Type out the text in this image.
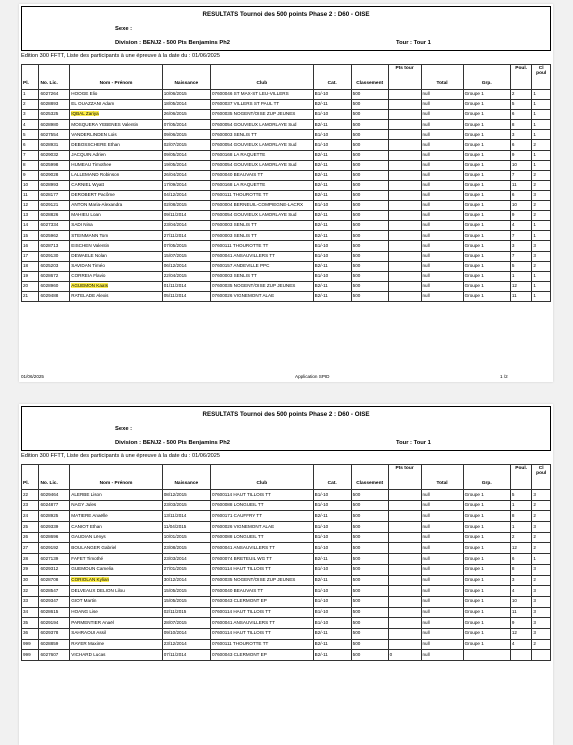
RESULTATS Tournoi des 500 points Phase 2 : D60 - OISE
Sexe :
Division : BENJ2 - 500 Pts Benjamins Ph2	Tour : Tour 1
Edition 300 FFTT, Liste des participants à une épreuve à la date du : 01/06/2025
Pl.	No. Lic.	Nom - Prénom	Naissance	Club	Cat.	Classement	Pts tour	Total	Grp.	Poul.	Cl poul
1	6027264	HOOGE Elio	10/06/2015	07600046 ST MAX-ST LEU-VILLERS	B1/-10	500		null	Groupe 1	2	1
2	6028893	EL OUAZZANI Adam	18/05/2014	07600037 VILLERS ST PAUL TT	B2/-11	500		null	Groupe 1	5	1
3	6025325	IQBAL Zariya	26/06/2015	07600035 NOGENT/OISE ZUP JEUNES	B1/-10	500		null	Groupe 1	6	1
4	6028980	MOSQUERA YEBENES Valentin	07/05/2014	07600054 GOUVIEUX LAMORLAYE Sud	B2/-11	500		null	Groupe 1	8	1
5	6027554	VANDERLINDEN Lois	09/06/2015	07600003 SENLIS TT	B1/-10	500		null	Groupe 1	3	1
6	6028931	DEBOSSCHERE Ethan	02/07/2015	07600054 GOUVIEUX LAMORLAYE Sud	B1/-10	500		null	Groupe 1	6	2
7	6029032	JACQUIN Adrien	09/05/2014	07600168 LA RAQUETTE	B2/-11	500		null	Groupe 1	9	1
8	6025998	HUMEAU Timothee	19/05/2014	07600054 GOUVIEUX LAMORLAYE Sud	B2/-11	500		null	Groupe 1	10	1
9	6029028	LALLEMAND Robinson	26/04/2014	07600040 BEAUVAIS TT	B2/-11	500		null	Groupe 1	7	2
10	6028993	CARNIEL Wyatt	17/09/2014	07600168 LA RAQUETTE	B2/-11	500		null	Groupe 1	11	2
11	6028177	DEROBERT Pacôme	04/12/2014	07600111 THOUROTTE TT	B2/-11	500		null	Groupe 1	6	3
12	6029121	ANTON Maria-Alexandra	02/08/2015	07600004 BERNEUIL-COMPIEGNE-LACRX	B1/-10	500		null	Groupe 1	10	2
13	6028826	MAHIEU Loan	09/11/2014	07600054 GOUVIEUX LAMORLAYE Sud	B2/-11	500		null	Groupe 1	9	2
14	6027334	SADI Nina	23/04/2014	07600003 SENLIS TT	B2/-11	500		null	Groupe 1	4	1
15	6025962	STEINMANN Tom	27/11/2014	07600003 SENLIS TT	B2/-11	500		null	Groupe 1	7	1
16	6028713	EISCHEN Valentin	07/05/2015	07600111 THOUROTTE TT	B1/-10	500		null	Groupe 1	3	3
17	6029130	DEWAELE Nolan	15/07/2015	07600041 ANSAUVILLERS TT	B1/-10	500		null	Groupe 1	7	3
18	6025203	SAVIDAN Timéo	06/12/2014	07600157 ANDEVILLE PPC	B2/-11	500		null	Groupe 1	5	2
19	6028672	CORREIA Flavio	22/04/2015	07600003 SENLIS TT	B1/-10	500		null	Groupe 1	1	1
20	6028960	AGUEMON Kaaïs	01/11/2014	07600035 NOGENT/OISE ZUP JEUNES	B2/-11	500		null	Groupe 1	12	1
21	6029488	RATELADE Alexis	05/11/2014	07600026 VIGNEMONT ALAE	B2/-11	500		null	Groupe 1	11	1
01/06/2025	Application SPID	1 /2
RESULTATS Tournoi des 500 points Phase 2 : D60 - OISE
Sexe :
Division : BENJ2 - 500 Pts Benjamins Ph2	Tour : Tour 1
Edition 300 FFTT, Liste des participants à une épreuve à la date du : 01/06/2025
Pl.	No. Lic.	Nom - Prénom	Naissance	Club	Cat.	Classement	Pts tour	Total	Grp.	Poul.	Cl poul
22	6029464	ALERBE Lison	08/12/2015	07600114 HAUT TILLOIS TT	B1/-10	500		null	Groupe 1	5	3
23	6024877	NAGY Jules	23/03/2015	07600088 LONGUEIL TT	B1/-10	500		null	Groupe 1	1	2
24	6028925	MATIERE Anaëlle	13/11/2014	07600171 CAUFFRY TT	B2/-11	500		null	Groupe 1	8	2
25	6029339	CANIOT Ethan	11/04/2015	07600026 VIGNEMONT ALAE	B1/-10	500		null	Groupe 1	1	3
26	6028696	GAUDIAN Lënys	10/01/2015	07600088 LONGUEIL TT	B1/-10	500		null	Groupe 1	2	2
27	6029192	BOULANGER Gabriel	23/08/2015	07600041 ANSAUVILLERS TT	B1/-10	500		null	Groupe 1	12	2
28	6027139	FAFET Timothé	23/03/2014	07600074 BRETEUIL WG TT	B2/-11	500		null	Groupe 1	6	1
29	6029312	GUEMOUN Camelia	27/01/2015	07600114 HAUT TILLOIS TT	B1/-10	500		null	Groupe 1	8	3
30	6028708	CORIOLAN Kylian	30/12/2014	07600035 NOGENT/OISE ZUP JEUNES	B2/-11	500		null	Groupe 1	3	2
32	6028547	DELVEAUX DELION Lilou	15/05/2015	07600040 BEAUVAIS TT	B1/-10	500		null	Groupe 1	4	3
33	6029347	GIOT Martin	15/05/2015	07600043 CLERMONT EP	B1/-10	500		null	Groupe 1	10	3
34	6028615	HOANG Lise	02/11/2015	07600114 HAUT TILLOIS TT	B1/-10	500		null	Groupe 1	11	3
35	6029194	PARMENTIER Anaël	28/07/2015	07600041 ANSAUVILLERS TT	B1/-10	500		null	Groupe 1	9	3
36	6029378	SAHRAOUI Assil	09/10/2014	07600114 HAUT TILLOIS TT	B2/-11	500		null	Groupe 1	12	3
999	6028859	RAYER Maxime	23/12/2014	07600111 THOUROTTE TT	B2/-11	500		null	Groupe 1	4	2
999	6027607	VICHARD Lucas	07/11/2014	07600043 CLERMONT EP	B2/-11	500	0	null			
